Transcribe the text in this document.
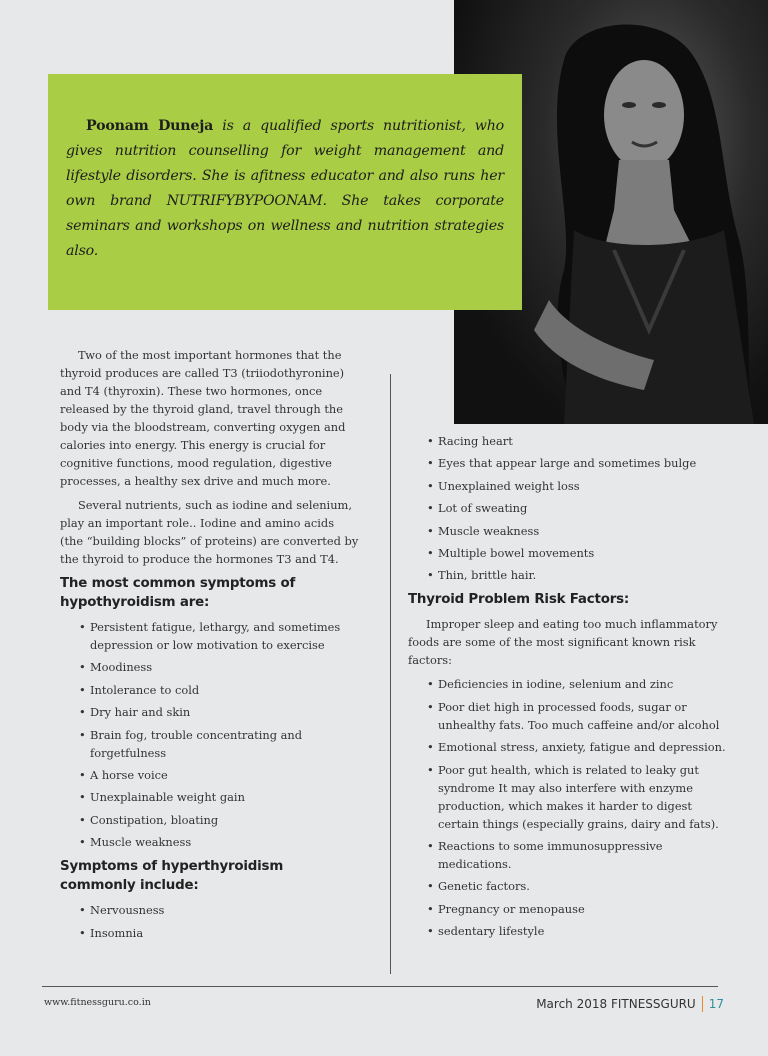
Poonam Duneja is a qualified sports nutritionist, who gives nutrition counselling for weight management and lifestyle disorders. She is afitness educator and also runs her own brand NUTRIFYBYPOONAM. She takes corporate seminars and workshops on wellness and nutrition strategies also.

Two of the most important hormones that the thyroid produces are called T3 (triiodothyronine) and T4 (thyroxin). These two hormones, once released by the thyroid gland, travel through the body via the bloodstream, converting oxygen and calories into energy. This energy is crucial for cognitive functions, mood regulation, digestive processes, a healthy sex drive and much more.

Several nutrients, such as iodine and selenium, play an important role.. Iodine and amino acids (the “building blocks” of proteins) are converted by the thyroid to produce the hormones T3 and T4.

The most common symptoms of hypothyroidism are:
• Persistent fatigue, lethargy, and sometimes depression or low motivation to exercise
• Moodiness
• Intolerance to cold
• Dry hair and skin
• Brain fog, trouble concentrating and forgetfulness
• A horse voice
• Unexplainable weight gain
• Constipation, bloating
• Muscle weakness
Symptoms of hyperthyroidism commonly include:
• Nervousness
• Insomnia
• Racing heart
• Eyes that appear large and sometimes bulge
• Unexplained weight loss
• Lot of sweating
• Muscle weakness
• Multiple bowel movements
• Thin, brittle hair.
Thyroid Problem Risk Factors:

Improper sleep and eating too much inflammatory foods are some of the most significant known risk factors:

• Deficiencies in iodine, selenium and zinc
• Poor diet high in processed foods, sugar or unhealthy fats. Too much caffeine and/or alcohol
• Emotional stress, anxiety, fatigue and depression.
• Poor gut health, which is related to leaky gut syndrome It may also interfere with enzyme production, which makes it harder to digest certain things (especially grains, dairy and fats).
• Reactions to some immunosuppressive medications.
• Genetic factors.
• Pregnancy or menopause
• sedentary lifestyle
www.fitnessguru.co.in	March 2018 FITNESSGURU 17
